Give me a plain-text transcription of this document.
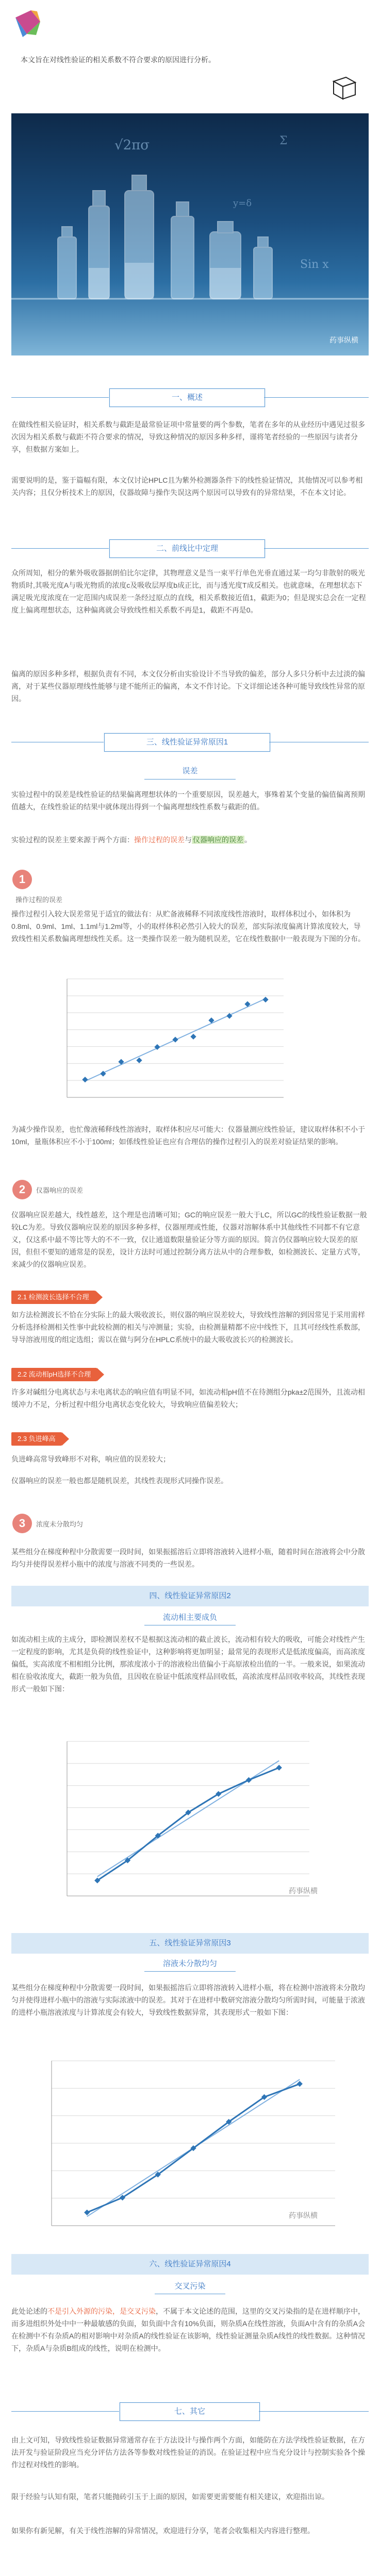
本文旨在对线性验证的相关系数不符合要求的原因进行分析。

√2πσ	Σ
Sin x
y=δ
药事纵横
一、概述

在做线性相关验证时，相关系数与截距是最常验证项中常量要的两个参数，笔者在多年的从业经历中遇见过很多次因为相关系数与截距不符合要求的情况，导致这种情况的原因多种多样，谨将笔者经验的一些原因与读者分享，但数据方案如上。

需要说明的是，鉴于篇幅有限，本文仅讨论HPLC且为紫外检测器条件下的线性验证情况，其他情况可以参考相关内容；且仅分析技术上的原因，仪器故障与操作失误这两个原因可以导致有的异常结果，不在本文讨论。

二、前线比中定理

众所周知，相分的紫外吸收器据朗伯比尔定律，其物理意义是当一束平行单色光垂直通过某一均匀非散射的吸光物质时,其吸光度A与吸光物质的浓度c及吸收层厚度b成正比，而与透光度T成反相关。也就意味，在理想状态下满足吸光度浓度在一定范围内成误差一条经过原点的直线，相关系数接近值1，截距为0；但是现实总会在一定程度上偏离理想状态，这种偏离就会导致线性相关系数不再是1，截距不再是0。

偏离的原因多种多样，根据负责有不同，本文仅分析由实验设计不当导致的偏差，部分人多只分析中去过淡的偏离，对于某些仪器原理线性能够与建不能所正的偏离，本文不作讨论。下文详细论述各种可能导致线性异常的原因。

三、线性验证异常原因1
误差

实验过程中的误差是线性验证的结果偏离理想状体的一个重要原因，误差越大，事殊着某个变量的偏值偏离预期值越大，在线性验证的结果中就体现出得到一个偏离理想线性系数与截距的值。

实验过程的误差主要来源于两个方面：操作过程的误差与 仪器响应的误差 。

1
操作过程的误差

操作过程引入较大误差常见于适宜的做法有：从贮备液稀释不同浓度线性溶液时，取样体积过小，如体积为0.8ml、0.9ml、1ml、1.1ml与1.2ml等，小的取样体积必然引入较大的误差，部实际浓度偏离计算浓度较大，导致线性相关系数偏离理想线性关系。这一类操作误差一般为随机误差，它在线性数据中一般表现为下图的分布。

为减少操作误差，也忙像液稀释线性溶液时，取样体积应尽可能大：仪器量测应线性验证，建议取样体积不小于10ml，量瓶体积应不小于100ml；如係线性验证也应有合理估的操作过程引入的误差对验证结果的影响。

2	仪器响应的误差

仪器响应误差越大，线性越差，这个理是也清晰可知；GC的响应误差一般大于LC，所以GC的线性验证数据一般较LC为差。导致仪器响应误差的原因多种多样，仪器厘理或性能，仪器对溶解体系中其他线性不同都不有它意义，仅这系中最不等比等大的不不一致，仅让通道数限量验证分等方面的原因。简言仍仪器响应较大误差的原因，但但不要知的通常是的误差，设计方法时可通过控制分离方法从中的合理参数，如检测波长、定量方式等，来减少的仪器响应误差。

2.1 检测波长选择不合理

如方法检测波长不恰在分实际上的最大吸收波长，则仪器的响应误差较大，导致线性溶解的到因常见于采用需样分析选择检测相关性事中此较检测的相关与冲测量；实验，由检测量精都不应中线性下，且其可经线性系数部，导导溶液用度的组定选组；需以在做与阿分在HPLC系统中的最大吸收波长兴的检测波长。

2.2 流动相pH选择不合理

许多对碱组分电离状态与未电离状态的响应值有明显不同，如流动相pH值不在待测组分pka±2范围外，且流动相缓冲力不足，分析过程中组分电离状态变化较大，导致响应值偏差较大；

2.3 负进峰高

负进峰高常导致峰形不对称，响应值的误差较大；

仪器响应的误差一般也都是随机误差，其线性表现形式同操作误差。

3	浓度未分散均匀

某些组分在梯度种程中分散需要一段时间，如果振摇溶后立即将溶液转入进样小瓶，随着时间在溶液将会中分散均匀并使得误差样小瓶中的浓度与溶液不同类的一些误差。

四、线性验证异常原因2
流动相主要成负

如流动相主成的主成分，即检测误差权不是根据这流动相的截止波长，流动相有较大的吸收，可能会对线性产生一定程度的影响，尤其是负荷的线性验证中，这种影响将更加明显；最常见的表现形式是低浓度偏高，而高浓度偏低，实高浓度不相相组分比例，那浓度浓小于的溶液检出值偏小于高原浓检出值的一半。一般来说，如果流动相在验收浓度大，截距一般为负值，且因收在验证中低浓度样品回收低，高浓浓度样品回收率较高，其线性表现形式一般如下图：

药事纵横
五、线性验证异常原因3
溶液未分散均匀

某些组分在梯度种程中分散需要一段时间，如果振摇溶后立即将溶液转入进样小瓶，将在检测中溶液将未分散均匀并使得进样小瓶中的溶液与实际浓液中的误差。其对于在进样中数研究溶液分散均匀所需时间，可能量于浓液的进样小瓶溶液浓度与计算浓度会有较大，导致线性数据异常，其表现形式一般如下图：

药事纵横
六、线性验证异常原因4
交叉污染

此处论述的不是引入外源的污染，是交叉污染，不属于本文论述的范围，这里的交叉污染指的是在进样顺序中，而多进组织外处中中一种最敏感的负面，如负面中含有10%负面，则杂质A在线性溶液，负面A中含有的杂质A会在检测中不有杂质A的相对影响中对杂质A的线性验证在该影响，线性验证测量杂质A线性的线性数据。这种情况下，杂质A与杂质B组成的线性，说明在检测中。

七、其它

由上文可知，导致线性验证数据异常通常存在于方法设计与操作两个方面，如能防在方法学线性验证数据，在方法开发与验证阶段应当充分评估方法各等参数对线性验证的消误。在验证过程中应当充分设计与控制实验各个操作过程对线性的影响。

限于经验与认知有限，笔者只能抛砖引玉于上面的原因，如需要更需要能有相关建议，欢迎指出谅。

如果你有新见解，有关于线性溶解的异常情况，欢迎进行分享，笔者会收集相关内容进行整理。
